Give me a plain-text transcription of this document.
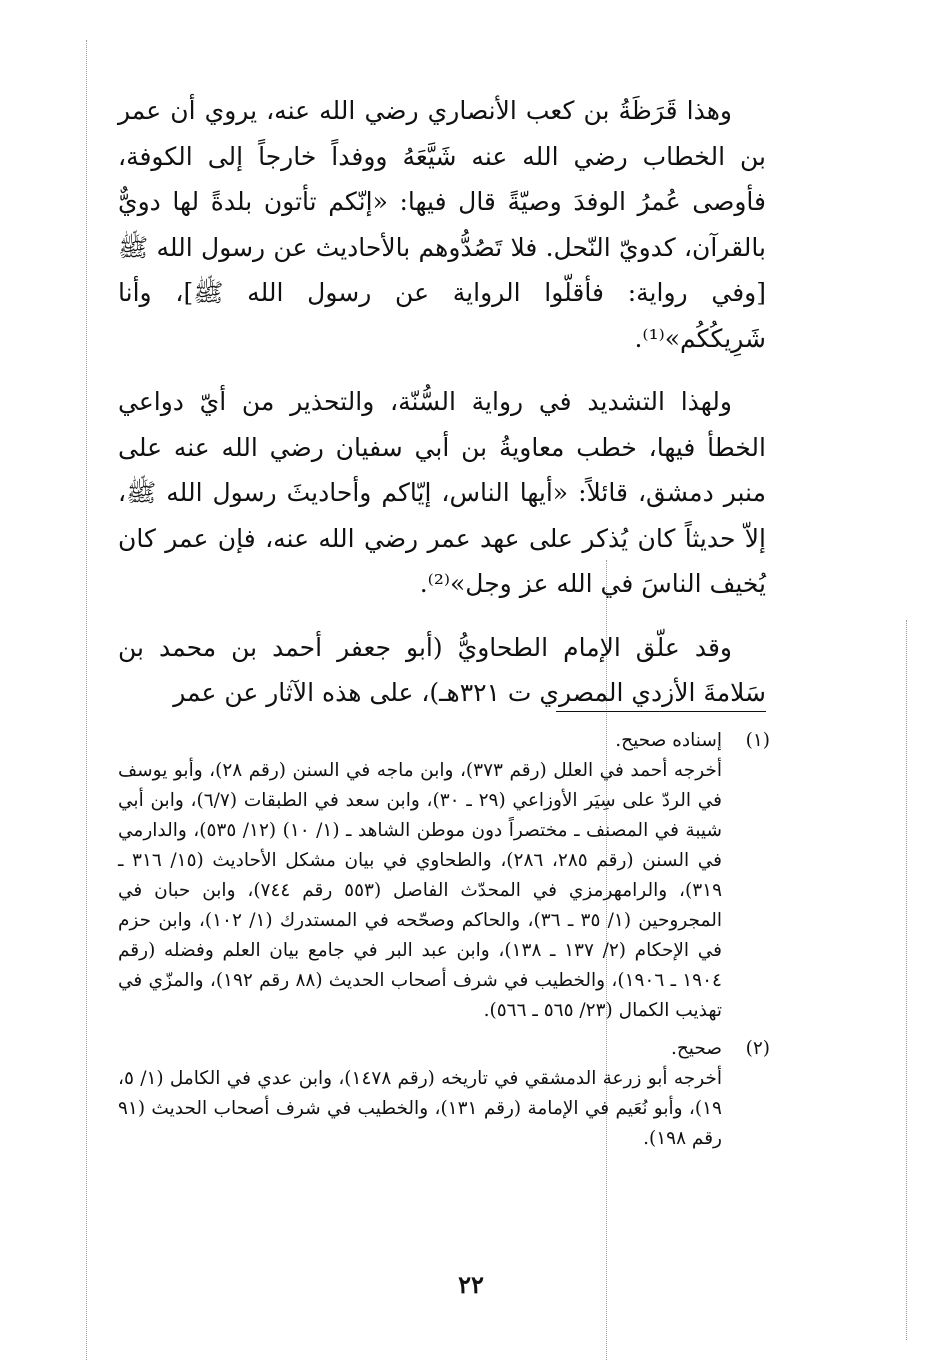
وهذا قَرَظَةُ بن كعب الأنصاري رضي الله عنه، يروي أن عمر بن الخطاب رضي الله عنه شَيَّعَهُ ووفداً خارجاً إلى الكوفة، فأوصى عُمرُ الوفدَ وصيّةً قال فيها: «إنّكم تأتون بلدةً لها دويٌّ بالقرآن، كدويّ النّحل. فلا تَصُدُّوهم بالأحاديث عن رسول الله ﷺ [وفي رواية: فأقلّوا الرواية عن رسول الله ﷺ]، وأنا شَرِيكُكُم»⁽¹⁾.

ولهذا التشديد في رواية السُّنّة، والتحذير من أيّ دواعي الخطأ فيها، خطب معاويةُ بن أبي سفيان رضي الله عنه على منبر دمشق، قائلاً: «أيها الناس، إيّاكم وأحاديثَ رسول الله ﷺ، إلاّ حديثاً كان يُذكر على عهد عمر رضي الله عنه، فإن عمر كان يُخيف الناسَ في الله عز وجل»⁽²⁾.

وقد علّق الإمام الطحاويُّ (أبو جعفر أحمد بن محمد بن سَلامةَ الأزدي المصري ت ٣٢١هـ)، على هذه الآثار عن عمر

(١)
إسناده صحيح.
أخرجه أحمد في العلل (رقم ٣٧٣)، وابن ماجه في السنن (رقم ٢٨)، وأبو يوسف في الردّ على سِيَر الأوزاعي (٢٩ ـ ٣٠)، وابن سعد في الطبقات (٦/٧)، وابن أبي شيبة في المصنف ـ مختصراً دون موطن الشاهد ـ (١/ ١٠) (١٢/ ٥٣٥)، والدارمي في السنن (رقم ٢٨٥، ٢٨٦)، والطحاوي في بيان مشكل الأحاديث (١٥/ ٣١٦ ـ ٣١٩)، والرامهرمزي في المحدّث الفاصل (٥٥٣ رقم ٧٤٤)، وابن حبان في المجروحين (١/ ٣٥ ـ ٣٦)، والحاكم وصحّحه في المستدرك (١/ ١٠٢)، وابن حزم في الإحكام (٢/ ١٣٧ ـ ١٣٨)، وابن عبد البر في جامع بيان العلم وفضله (رقم ١٩٠٤ ـ ١٩٠٦)، والخطيب في شرف أصحاب الحديث (٨٨ رقم ١٩٢)، والمزّي في تهذيب الكمال (٢٣/ ٥٦٥ ـ ٥٦٦).
(٢)
صحيح.
أخرجه أبو زرعة الدمشقي في تاريخه (رقم ١٤٧٨)، وابن عدي في الكامل (١/ ٥، ١٩)، وأبو نُعَيم في الإمامة (رقم ١٣١)، والخطيب في شرف أصحاب الحديث (٩١ رقم ١٩٨).
٢٢
